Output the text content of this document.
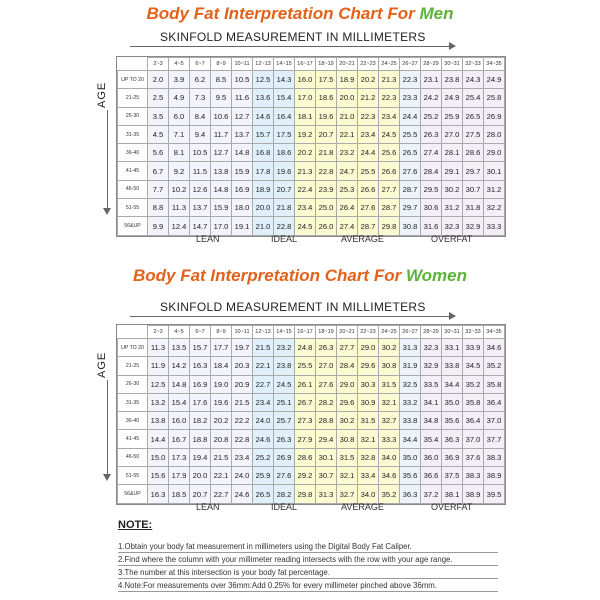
Body Fat Interpretation Chart For Men
SKINFOLD MEASUREMENT IN MILLIMETERS
AGE
	2~3	4~5	6~7	8~9	10~11	12~13	14~15	16~17	18~19	20~21	22~23	24~25	26~27	28~29	30~31	32~33	34~35
UP TO 20	2.0	3.9	6.2	8.5	10.5	12.5	14.3	16.0	17.5	18.9	20.2	21.3	22.3	23.1	23.8	24.3	24.9
21-25	2.5	4.9	7.3	9.5	11.6	13.6	15.4	17.0	18.6	20.0	21.2	22.3	23.3	24.2	24.9	25.4	25.8
26-30	3.5	6.0	8.4	10.6	12.7	14.6	16.4	18.1	19.6	21.0	22.3	23.4	24.4	25.2	25.9	26.5	26.9
31-35	4.5	7.1	9.4	11.7	13.7	15.7	17.5	19.2	20.7	22.1	23.4	24.5	25.5	26.3	27.0	27.5	28.0
36-40	5.6	8.1	10.5	12.7	14.8	16.8	18.6	20.2	21.8	23.2	24.4	25.6	26.5	27.4	28.1	28.6	29.0
41-45	6.7	9.2	11.5	13.8	15.9	17.8	19.6	21.3	22.8	24.7	25.5	26.6	27.6	28.4	29.1	29.7	30.1
46-50	7.7	10.2	12.6	14.8	16.9	18.9	20.7	22.4	23.9	25.3	26.6	27.7	28.7	29.5	30.2	30.7	31.2
51-55	8.8	11.3	13.7	15.9	18.0	20.0	21.8	23.4	25.0	26.4	27.6	28.7	29.7	30.6	31.2	31.8	32.2
56&UP	9.9	12.4	14.7	17.0	19.1	21.0	22.8	24.5	26.0	27.4	28.7	29.8	30.8	31.6	32.3	32.9	33.3
LEAN	IDEAL	AVERAGE	OVERFAT
Body Fat Interpretation Chart For Women
SKINFOLD MEASUREMENT IN MILLIMETERS
AGE
	2~3	4~5	6~7	8~9	10~11	12~13	14~15	16~17	18~19	20~21	22~23	24~25	26~27	28~29	30~31	32~33	34~35
UP TO 20	11.3	13.5	15.7	17.7	19.7	21.5	23.2	24.8	26.3	27.7	29.0	30.2	31.3	32.3	33.1	33.9	34.6
21-25	11.9	14.2	16.3	18.4	20.3	22.1	23.8	25.5	27.0	28.4	29.6	30.8	31.9	32.9	33.8	34.5	35.2
26-30	12.5	14.8	16.9	19.0	20.9	22.7	24.5	26.1	27.6	29.0	30.3	31.5	32.5	33.5	34.4	35.2	35.8
31-35	13.2	15.4	17.6	19.6	21.5	23.4	25.1	26.7	28.2	29.6	30.9	32.1	33.2	34.1	35.0	35.8	36.4
36-40	13.8	16.0	18.2	20.2	22.2	24.0	25.7	27.3	28.8	30.2	31.5	32.7	33.8	34.8	35.6	36.4	37.0
41-45	14.4	16.7	18.8	20.8	22.8	24.6	26.3	27.9	29.4	30.8	32.1	33.3	34.4	35.4	36.3	37.0	37.7
46-50	15.0	17.3	19.4	21.5	23.4	25.2	26.9	28.6	30.1	31.5	32.8	34.0	35.0	36.0	36.9	37.6	38.3
51-55	15.6	17.9	20.0	22.1	24.0	25.9	27.6	29.2	30.7	32.1	33.4	34.6	35.6	36.6	37.5	38.3	38.9
56&UP	16.3	18.5	20.7	22.7	24.6	26.5	28.2	29.8	31.3	32.7	34.0	35.2	36.3	37.2	38.1	38.9	39.5
LEAN	IDEAL	AVERAGE	OVERFAT
NOTE:
1.Obtain your body fat measurement in millimeters using the Digital Body Fat Caliper.
2.Find where the column with your millimeter reading intersects with the row with your age range.
3.The number at this intersection is your body fat percentage.
4.Note:For measurements over 36mm:Add 0.25% for every millimeter pinched above 36mm.
